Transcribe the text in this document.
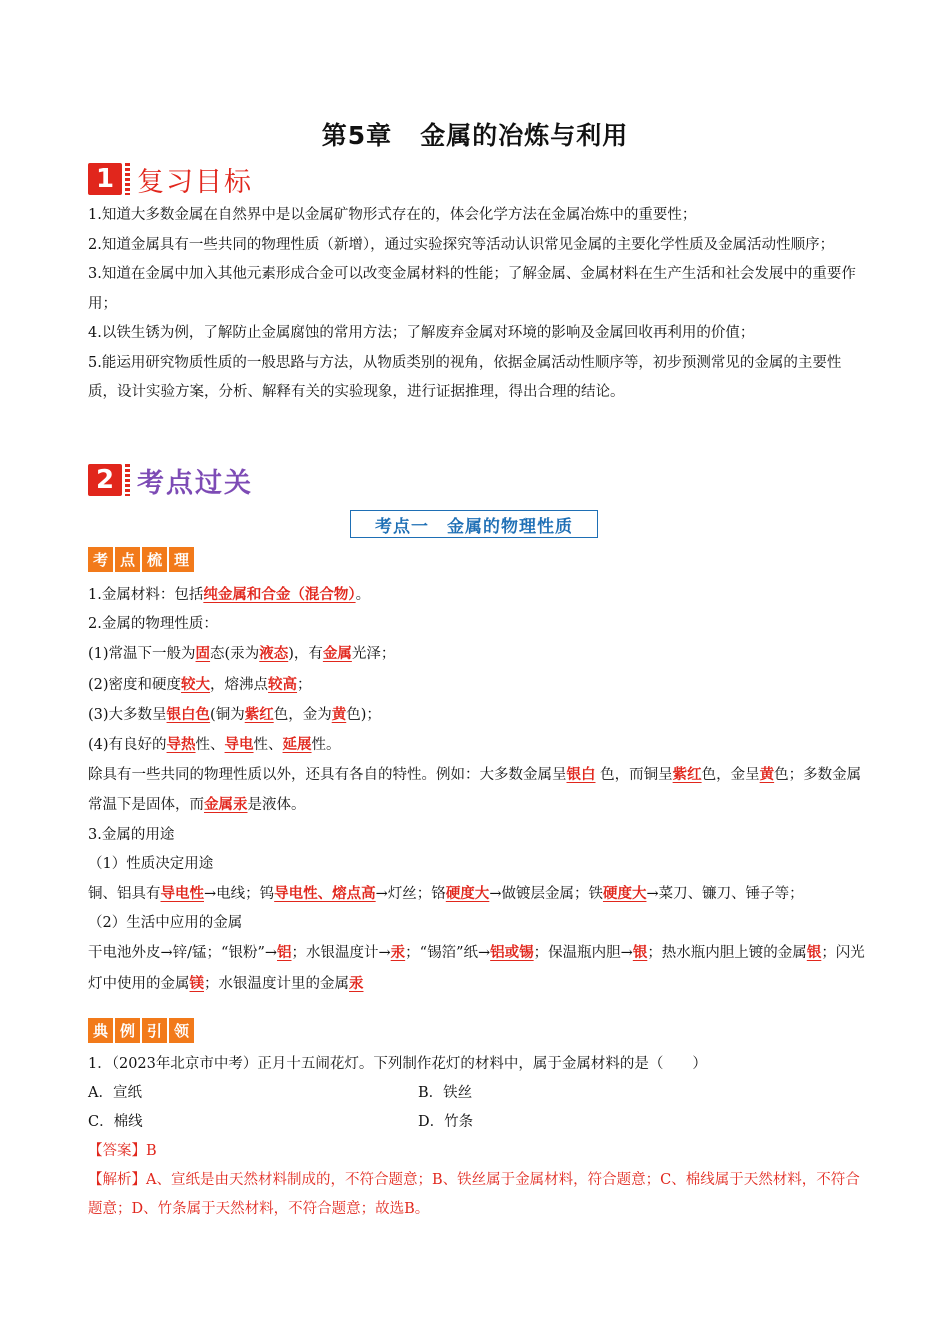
第5章 金属的冶炼与利用
1 复习目标

1.知道大多数金属在自然界中是以金属矿物形式存在的，体会化学方法在金属冶炼中的重要性；

2.知道金属具有一些共同的物理性质（新增），通过实验探究等活动认识常见金属的主要化学性质及金属活动性顺序；

3.知道在金属中加入其他元素形成合金可以改变金属材料的性能；了解金属、金属材料在生产生活和社会发展中的重要作用；

4.以铁生锈为例，了解防止金属腐蚀的常用方法；了解废弃金属对环境的影响及金属回收再利用的价值；

5.能运用研究物质性质的一般思路与方法，从物质类别的视角，依据金属活动性顺序等，初步预测常见的金属的主要性质，设计实验方案，分析、解释有关的实验现象，进行证据推理，得出合理的结论。

2 考点过关
考点一 金属的物理性质
考 点 梳 理

1.金属材料：包括纯金属和合金（混合物）。

2.金属的物理性质：

(1)常温下一般为固态(汞为液态)，有金属光泽；

(2)密度和硬度较大，熔沸点较高；

(3)大多数呈银白色(铜为紫红色，金为黄色)；

(4)有良好的导热性、导电性、延展性。

除具有一些共同的物理性质以外，还具有各自的特性。例如：大多数金属呈银白 色，而铜呈紫红色，金呈黄色；多数金属常温下是固体，而金属汞是液体。

3.金属的用途

（1）性质决定用途

铜、铝具有导电性→电线；钨导电性、熔点高→灯丝；铬硬度大→做镀层金属；铁硬度大→菜刀、镰刀、锤子等；

（2）生活中应用的金属

干电池外皮→锌/锰；“银粉”→铝；水银温度计→汞；“锡箔”纸→铝或锡；保温瓶内胆→银；热水瓶内胆上镀的金属银；闪光灯中使用的金属镁；水银温度计里的金属汞

典 例 引 领

1．（2023年北京市中考）正月十五闹花灯。下列制作花灯的材料中，属于金属材料的是（　　）

A．宣纸	B．铁丝
C．棉线	D．竹条

【答案】B

【解析】A、宣纸是由天然材料制成的，不符合题意；B、铁丝属于金属材料，符合题意；C、棉线属于天然材料，不符合题意；D、竹条属于天然材料，不符合题意；故选B。
